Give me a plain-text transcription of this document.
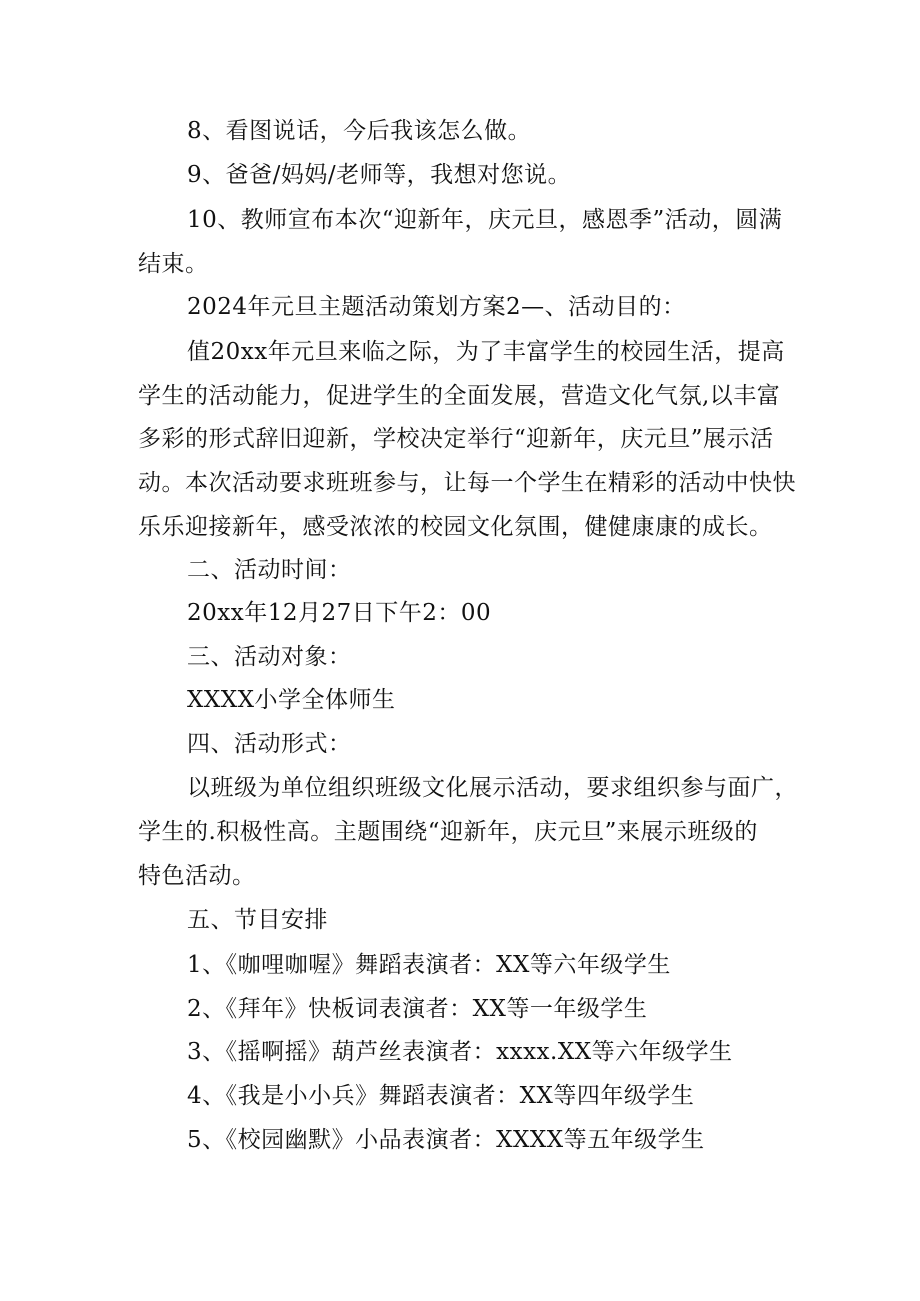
8、看图说话，今后我该怎么做。
9、爸爸/妈妈/老师等，我想对您说。
10、教师宣布本次“迎新年，庆元旦，感恩季”活动，圆满
结束。
2024年元旦主题活动策划方案2—、活动目的：
值20xx年元旦来临之际，为了丰富学生的校园生活，提高
学生的活动能力，促进学生的全面发展，营造文化气氛,以丰富
多彩的形式辞旧迎新，学校决定举行“迎新年，庆元旦”展示活
动。本次活动要求班班参与，让每一个学生在精彩的活动中快快
乐乐迎接新年，感受浓浓的校园文化氛围，健健康康的成长。
二、活动时间：
20xx年12月27日下午2：00
三、活动对象：
XXXX小学全体师生
四、活动形式：
以班级为单位组织班级文化展示活动，要求组织参与面广，
学生的.积极性高。主题围绕“迎新年，庆元旦”来展示班级的
特色活动。
五、节目安排
1、《咖哩咖喔》舞蹈表演者：XX等六年级学生
2、《拜年》快板词表演者：XX等一年级学生
3、《摇啊摇》葫芦丝表演者：xxxx.XX等六年级学生
4、《我是小小兵》舞蹈表演者：XX等四年级学生
5、《校园幽默》小品表演者：XXXX等五年级学生
